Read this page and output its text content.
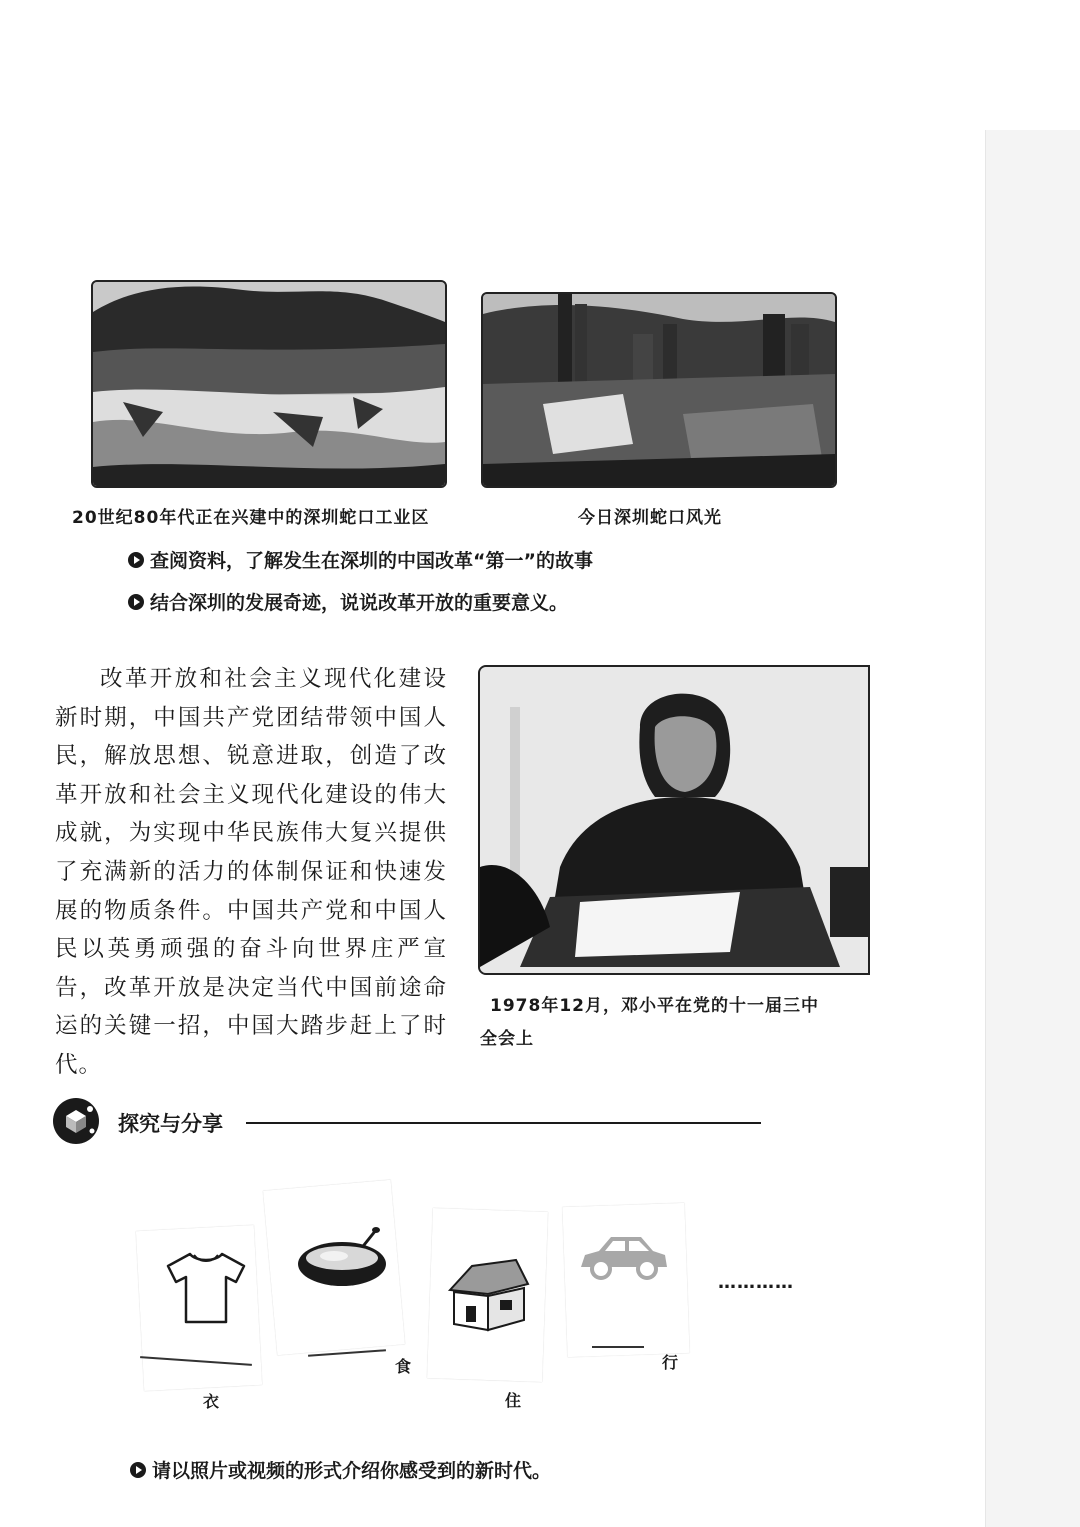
20世纪80年代正在兴建中的深圳蛇口工业区	今日深圳蛇口风光
查阅资料，了解发生在深圳的中国改革“第一”的故事
结合深圳的发展奇迹，说说改革开放的重要意义。
改革开放和社会主义现代化建设新时期，中国共产党团结带领中国人民，解放思想、锐意进取，创造了改革开放和社会主义现代化建设的伟大成就，为实现中华民族伟大复兴提供了充满新的活力的体制保证和快速发展的物质条件。中国共产党和中国人民以英勇顽强的奋斗向世界庄严宣告，改革开放是决定当代中国前途命运的关键一招，中国大踏步赶上了时代。
1978年12月，邓小平在党的十一届三中
全会上
探究与分享
衣
食
住
行
…………
请以照片或视频的形式介绍你感受到的新时代。
